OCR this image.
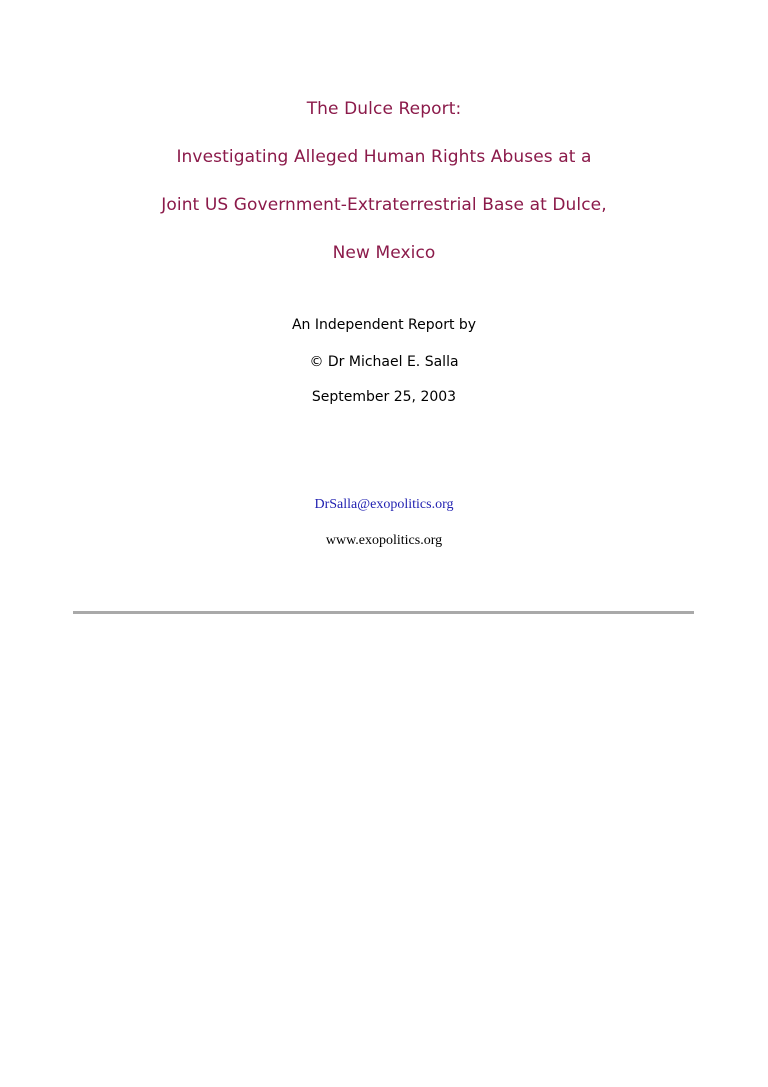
The Dulce Report:
Investigating Alleged Human Rights Abuses at a
Joint US Government-Extraterrestrial Base at Dulce,
New Mexico
An Independent Report by
© Dr Michael E. Salla
September 25, 2003
DrSalla@exopolitics.org
www.exopolitics.org
